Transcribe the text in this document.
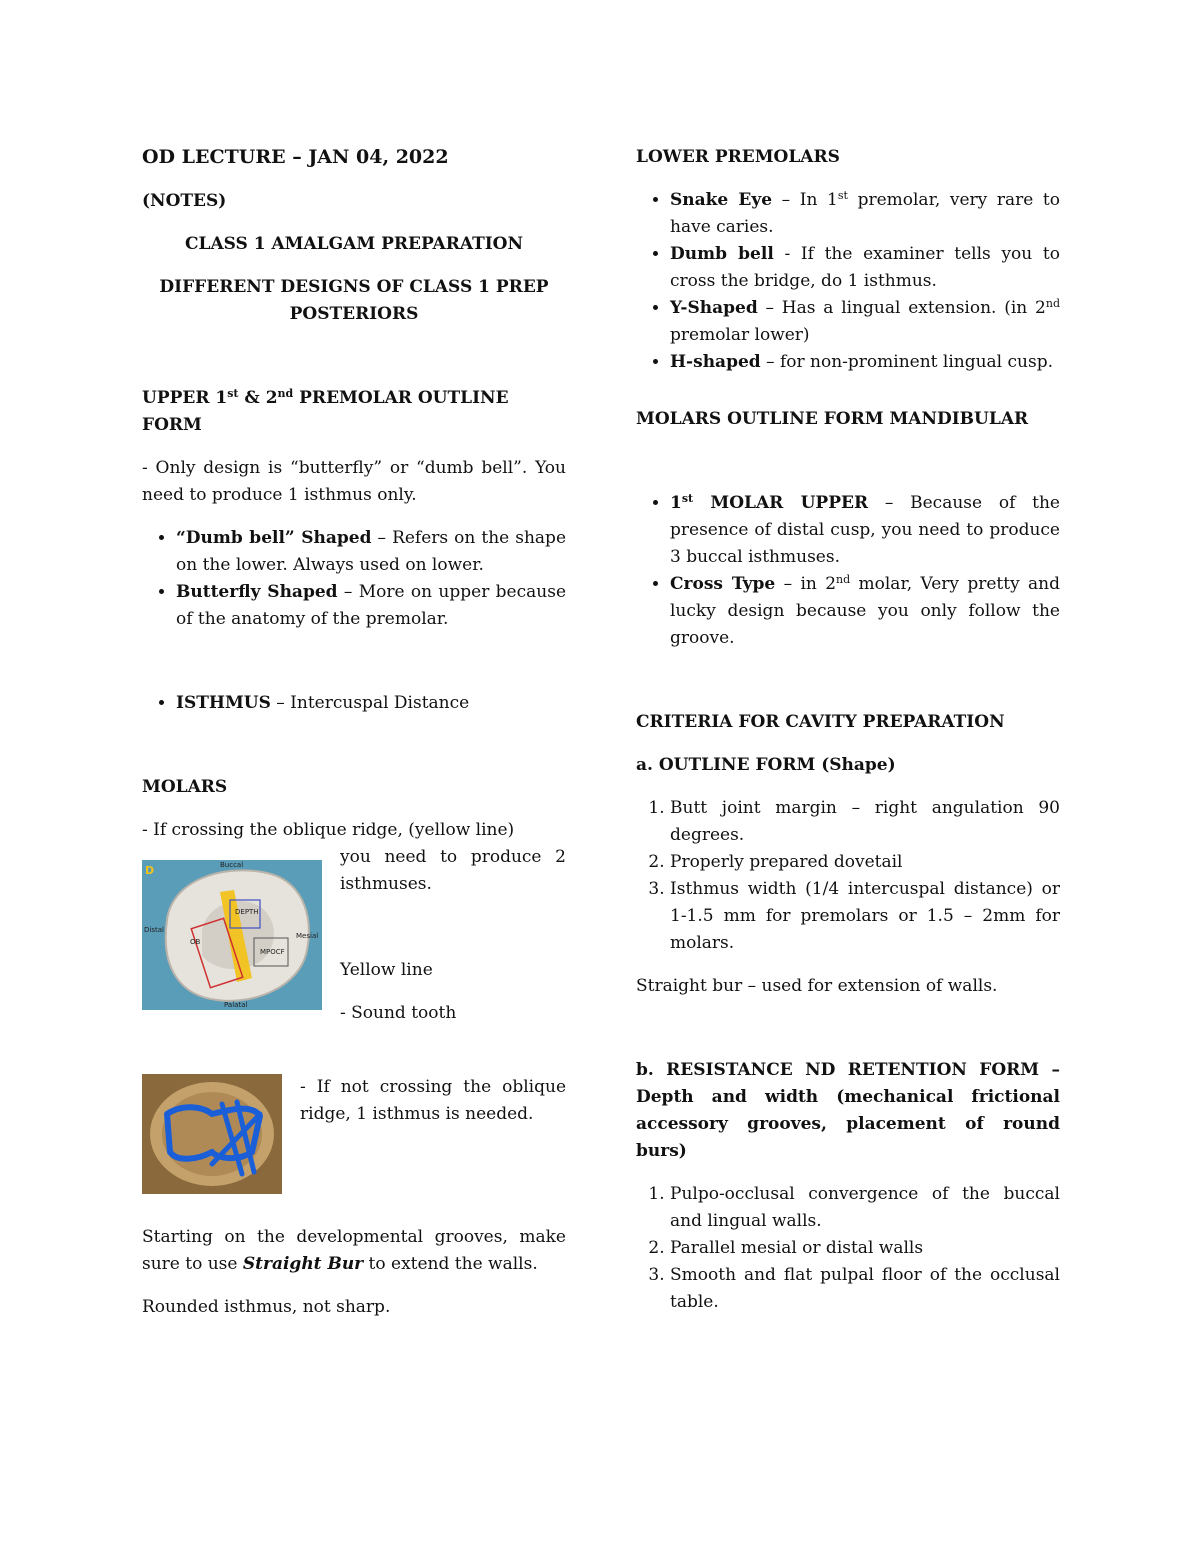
OD LECTURE – JAN 04, 2022

(NOTES)

CLASS 1 AMALGAM PREPARATION

DIFFERENT DESIGNS OF CLASS 1 PREP POSTERIORS

UPPER 1st & 2nd PREMOLAR OUTLINE FORM

- Only design is “butterfly” or “dumb bell”. You need to produce 1 isthmus only.

• “Dumb bell” Shaped – Refers on the shape on the lower. Always used on lower.
• Butterfly Shaped – More on upper because of the anatomy of the premolar.
• ISTHMUS – Intercuspal Distance

MOLARS

- If crossing the oblique ridge, (yellow line)

Buccal
Distal
Mesial
Palatal
DEPTH
OB
MPOCF
D

you need to produce 2 isthmuses.

Yellow line

- Sound tooth

- If not crossing the oblique ridge, 1 isthmus is needed.

Starting on the developmental grooves, make sure to use Straight Bur to extend the walls.

Rounded isthmus, not sharp.

LOWER PREMOLARS

• Snake Eye – In 1st premolar, very rare to have caries.
• Dumb bell - If the examiner tells you to cross the bridge, do 1 isthmus.
• Y-Shaped – Has a lingual extension. (in 2nd premolar lower)
• H-shaped – for non-prominent lingual cusp.

MOLARS OUTLINE FORM MANDIBULAR

• 1st MOLAR UPPER – Because of the presence of distal cusp, you need to produce 3 buccal isthmuses.
• Cross Type – in 2nd molar, Very pretty and lucky design because you only follow the groove.

CRITERIA FOR CAVITY PREPARATION

a. OUTLINE FORM (Shape)

1. Butt joint margin – right angulation 90 degrees.
2. Properly prepared dovetail
3. Isthmus width (1/4 intercuspal distance) or 1-1.5 mm for premolars or 1.5 – 2mm for molars.

Straight bur – used for extension of walls.

b. RESISTANCE ND RETENTION FORM – Depth and width (mechanical frictional accessory grooves, placement of round burs)

1. Pulpo-occlusal convergence of the buccal and lingual walls.
2. Parallel mesial or distal walls
3. Smooth and flat pulpal floor of the occlusal table.
